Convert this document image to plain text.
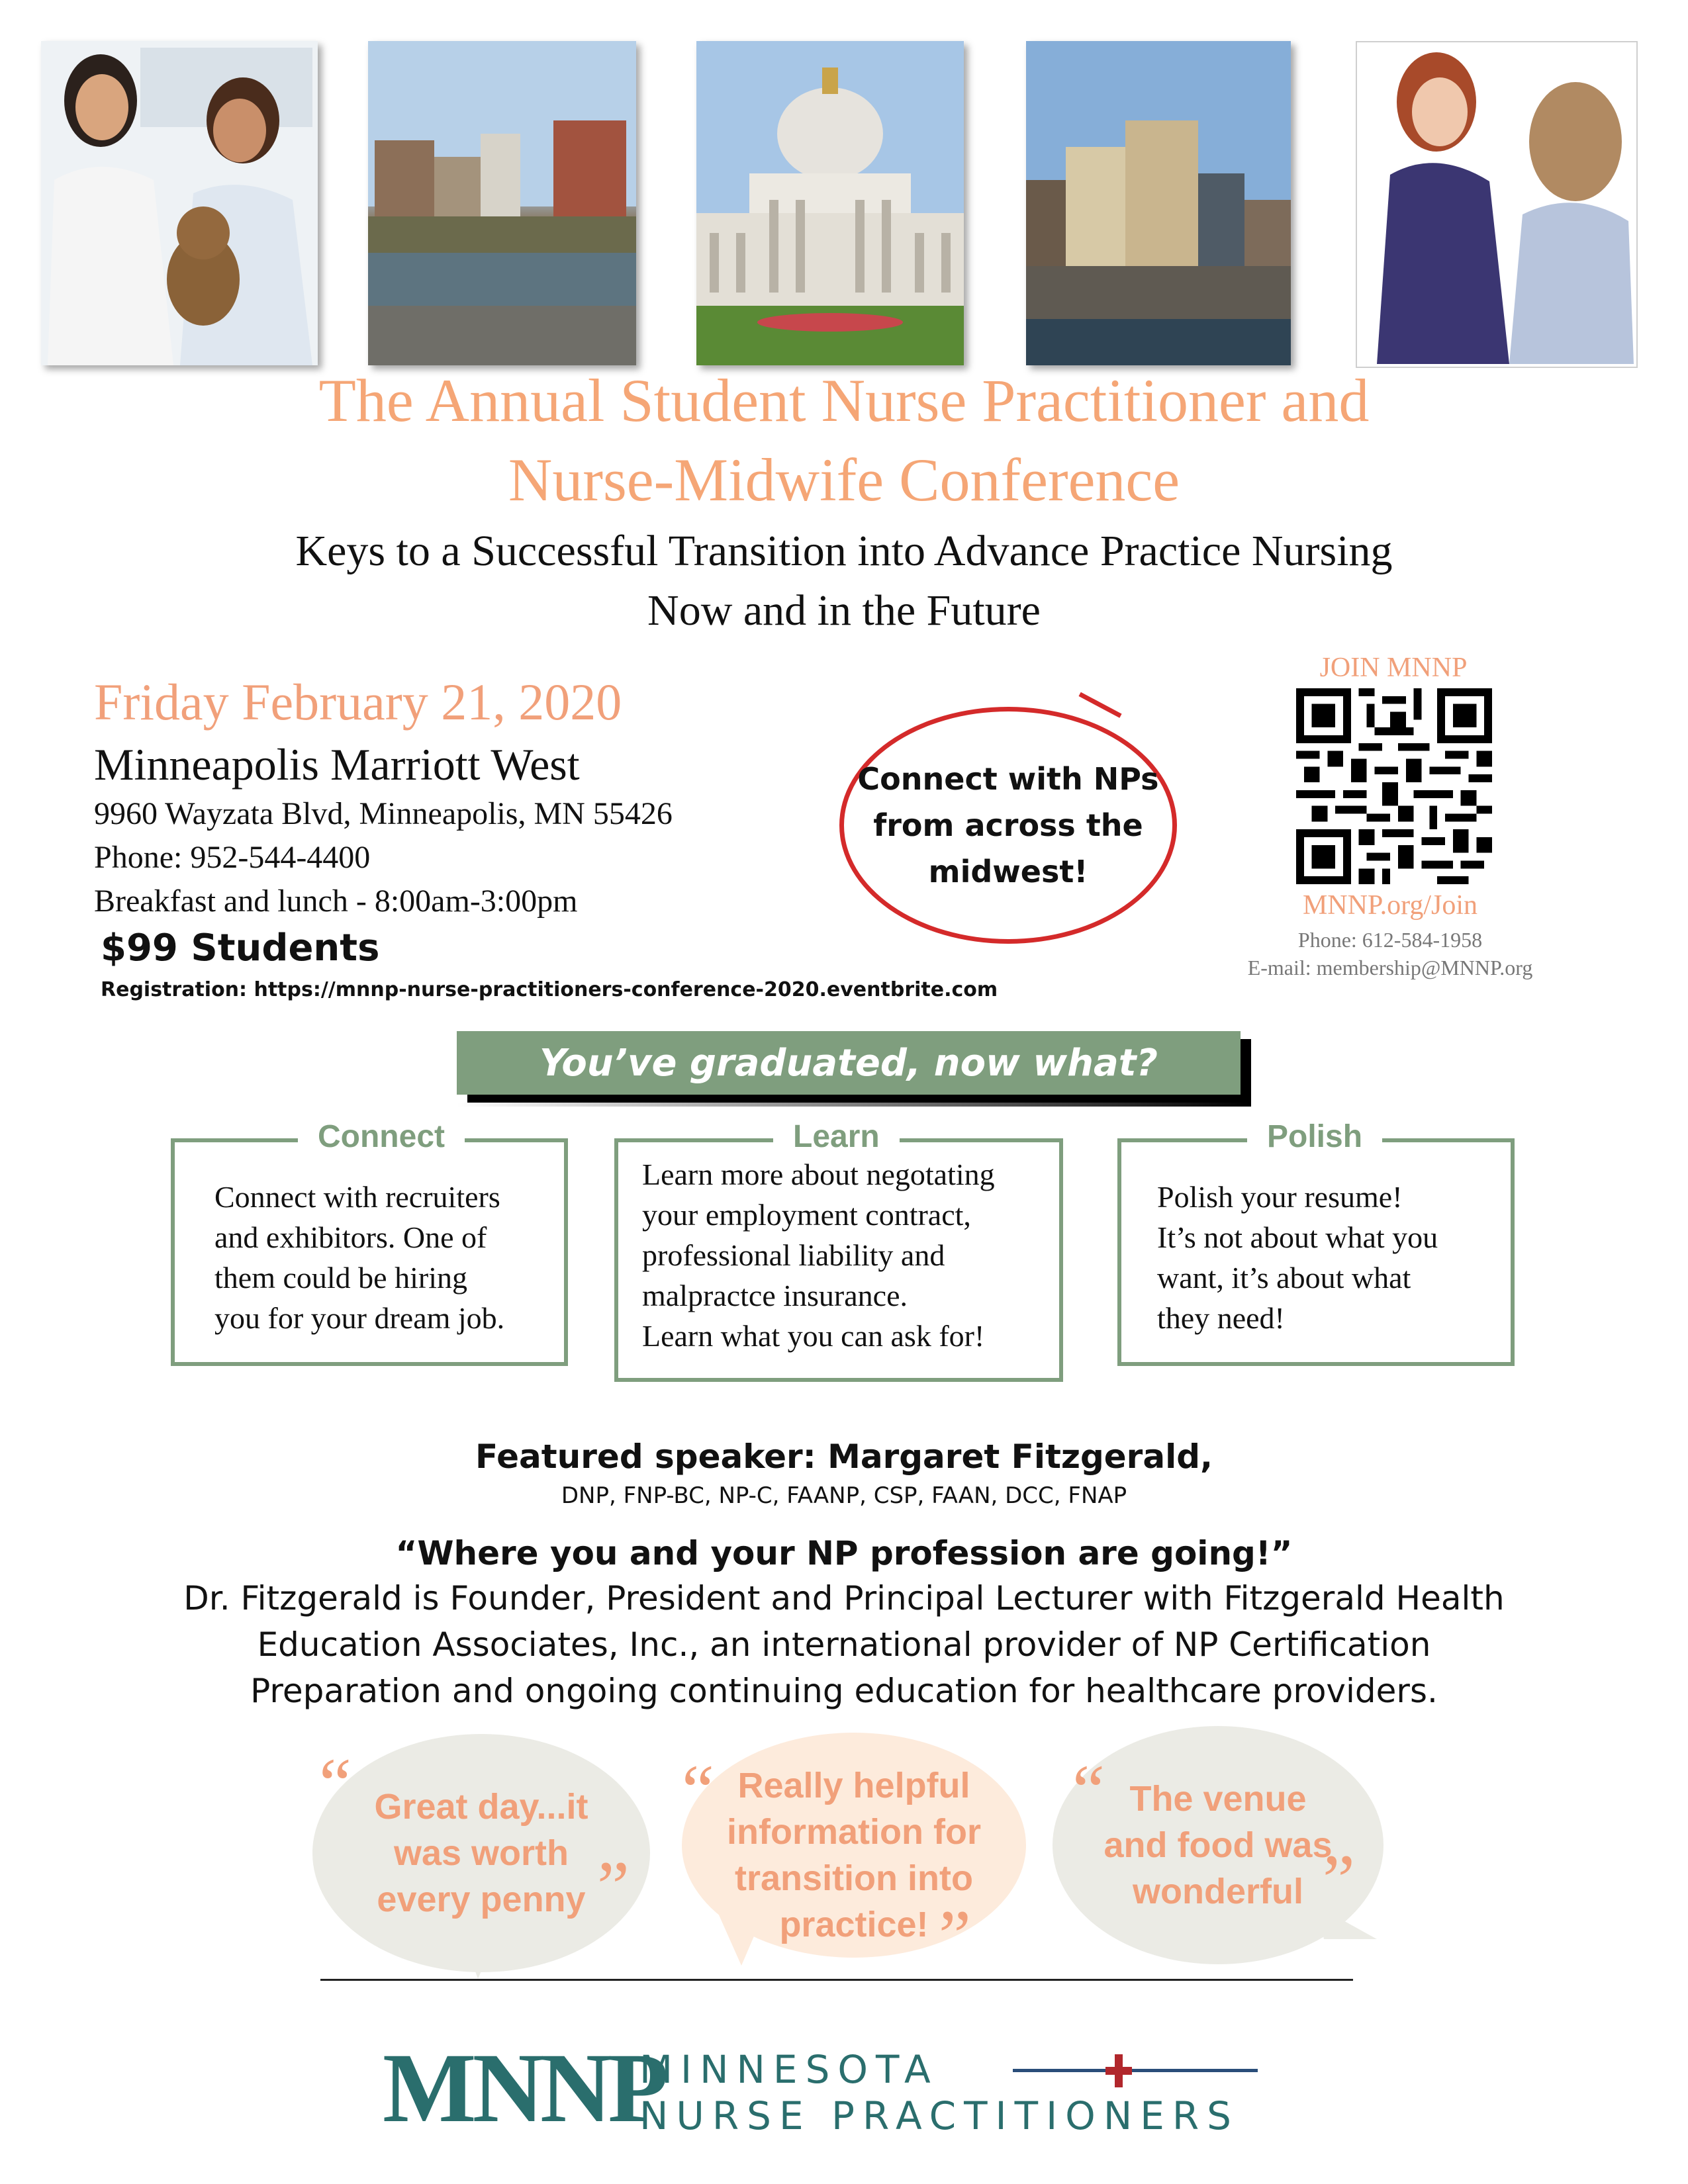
The Annual Student Nurse Practitioner and
Nurse-Midwife Conference
Keys to a Successful Transition into Advance Practice Nursing
Now and in the Future
Friday February 21, 2020
Minneapolis Marriott West
9960 Wayzata Blvd, Minneapolis, MN 55426
Phone: 952-544-4400
Breakfast and lunch - 8:00am-3:00pm
$99 Students
Registration: https://mnnp-nurse-practitioners-conference-2020.eventbrite.com
Connect with NPs
from across the
midwest!
JOIN MNNP
MNNP.org/Join
Phone: 612-584-1958
E-mail: membership@MNNP.org
You’ve graduated, now what?
Connect
Connect with recruiters
and exhibitors. One of
them could be hiring
you for your dream job.
Learn
Learn more about negotating
your employment contract,
professional liability and
malpractce insurance.
Learn what you can ask for!
Polish
Polish your resume!
It’s not about what you
want, it’s about what
they need!
Featured speaker: Margaret Fitzgerald,
DNP, FNP-BC, NP-C, FAANP, CSP, FAAN, DCC, FNAP
“Where you and your NP profession are going!”
Dr. Fitzgerald is Founder, President and Principal Lecturer with Fitzgerald Health
Education Associates, Inc., an international provider of NP Certification
Preparation and ongoing continuing education for healthcare providers.
Great day...it
was worth
every penny
“
”
Really helpful
information for
transition into
practice!
“
”
The venue
and food was
wonderful
“
”
MNNP
MINNESOTA
NURSE PRACTITIONERS
